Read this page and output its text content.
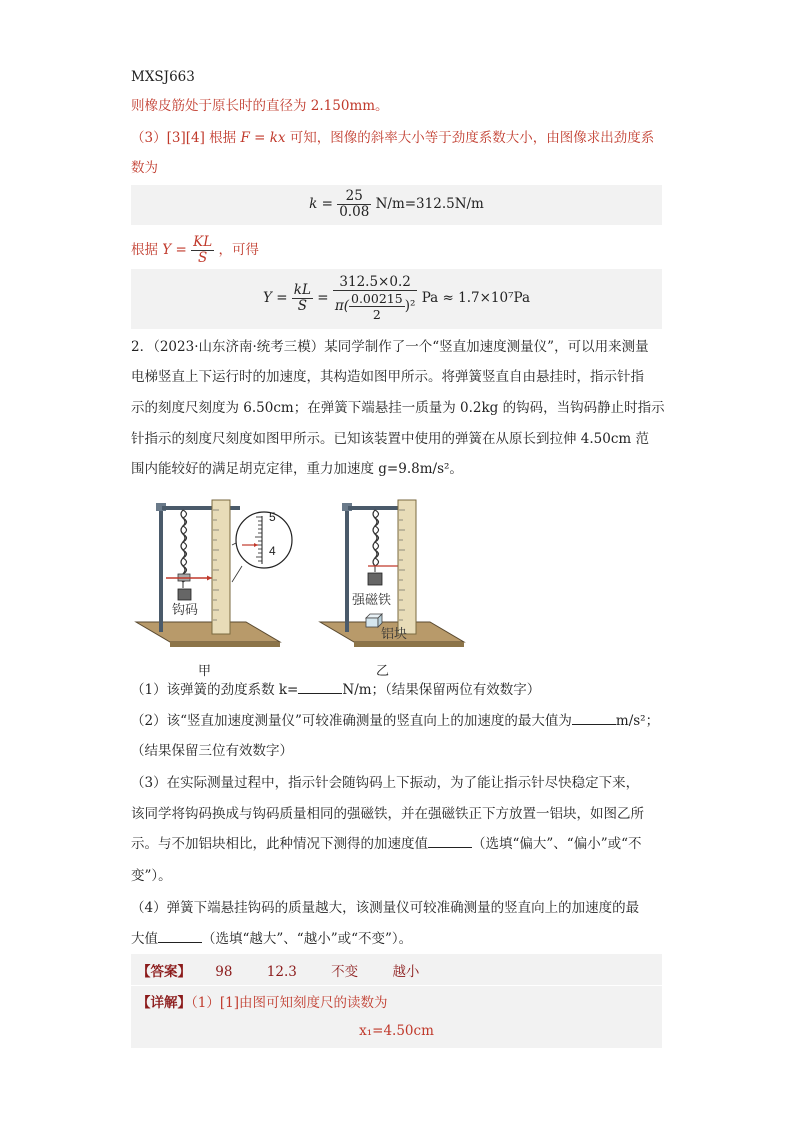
MXSJ663
则橡皮筋处于原长时的直径为 2.150mm。
（3）[3][4] 根据 F = kx 可知，图像的斜率大小等于劲度系数大小，由图像求出劲度系
数为
$k = \frac{25}{0.08} N/m=312.5N/m$
根据 $Y = \frac{KL}{S}$ ，可得
$Y = \frac{kL}{S} = \frac{312.5\times 0.2}{\pi( \frac{0.00215}{2} )^2}$ Pa ≈ 1.7×10⁷Pa
2．（2023·山东济南·统考三模）某同学制作了一个“竖直加速度测量仪”，可以用来测量
电梯竖直上下运行时的加速度，其构造如图甲所示。将弹簧竖直自由悬挂时，指示针指
示的刻度尺刻度为 6.50cm；在弹簧下端悬挂一质量为 0.2kg 的钩码，当钩码静止时指示
针指示的刻度尺刻度如图甲所示。已知该装置中使用的弹簧在从原长到拉伸 4.50cm 范
围内能较好的满足胡克定律，重力加速度 g=9.8m/s²。
5
4
钩码
甲
强磁铁
铝块
乙
（1）该弹簧的劲度系数 k=	N/m；（结果保留两位有效数字）
（2）该“竖直加速度测量仪”可较准确测量的竖直向上的加速度的最大值为	m/s²；
（结果保留三位有效数字）
（3）在实际测量过程中，指示针会随钩码上下振动，为了能让指示针尽快稳定下来，
该同学将钩码换成与钩码质量相同的强磁铁，并在强磁铁正下方放置一铝块，如图乙所
示。与不加铝块相比，此种情况下测得的加速度值	（选填“偏大”、“偏小”或“不
变”）。
（4）弹簧下端悬挂钩码的质量越大，该测量仪可较准确测量的竖直向上的加速度的最
大值	（选填“越大”、“越小”或“不变”）。
【答案】 98	12.3	不变	越小
【详解】（1）[1]由图可知刻度尺的读数为
x₁=4.50cm
